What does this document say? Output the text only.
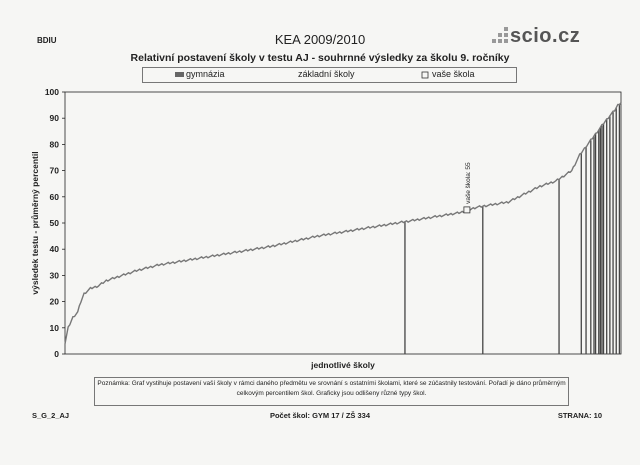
BDIU	KEA 2009/2010	scio.cz
Relativní postavení školy v testu AJ - souhrnné výsledky za školu 9. ročníky
gymnázia	základní školy	vaše škola
0
10
20
30
40
50
60
70
80
90
100
výsledek testu - průměrný percentil
jednotlivé školy
vaše škola: 55
Poznámka: Graf vystihuje postavení vaší školy v rámci daného předmětu ve srovnání s ostatními školami, které se zúčastnily testování. Pořadí je dáno průměrným celkovým percentilem škol. Graficky jsou odlišeny různé typy škol.
S_G_2_AJ	Počet škol: GYM 17 / ZŠ 334	STRANA: 10
